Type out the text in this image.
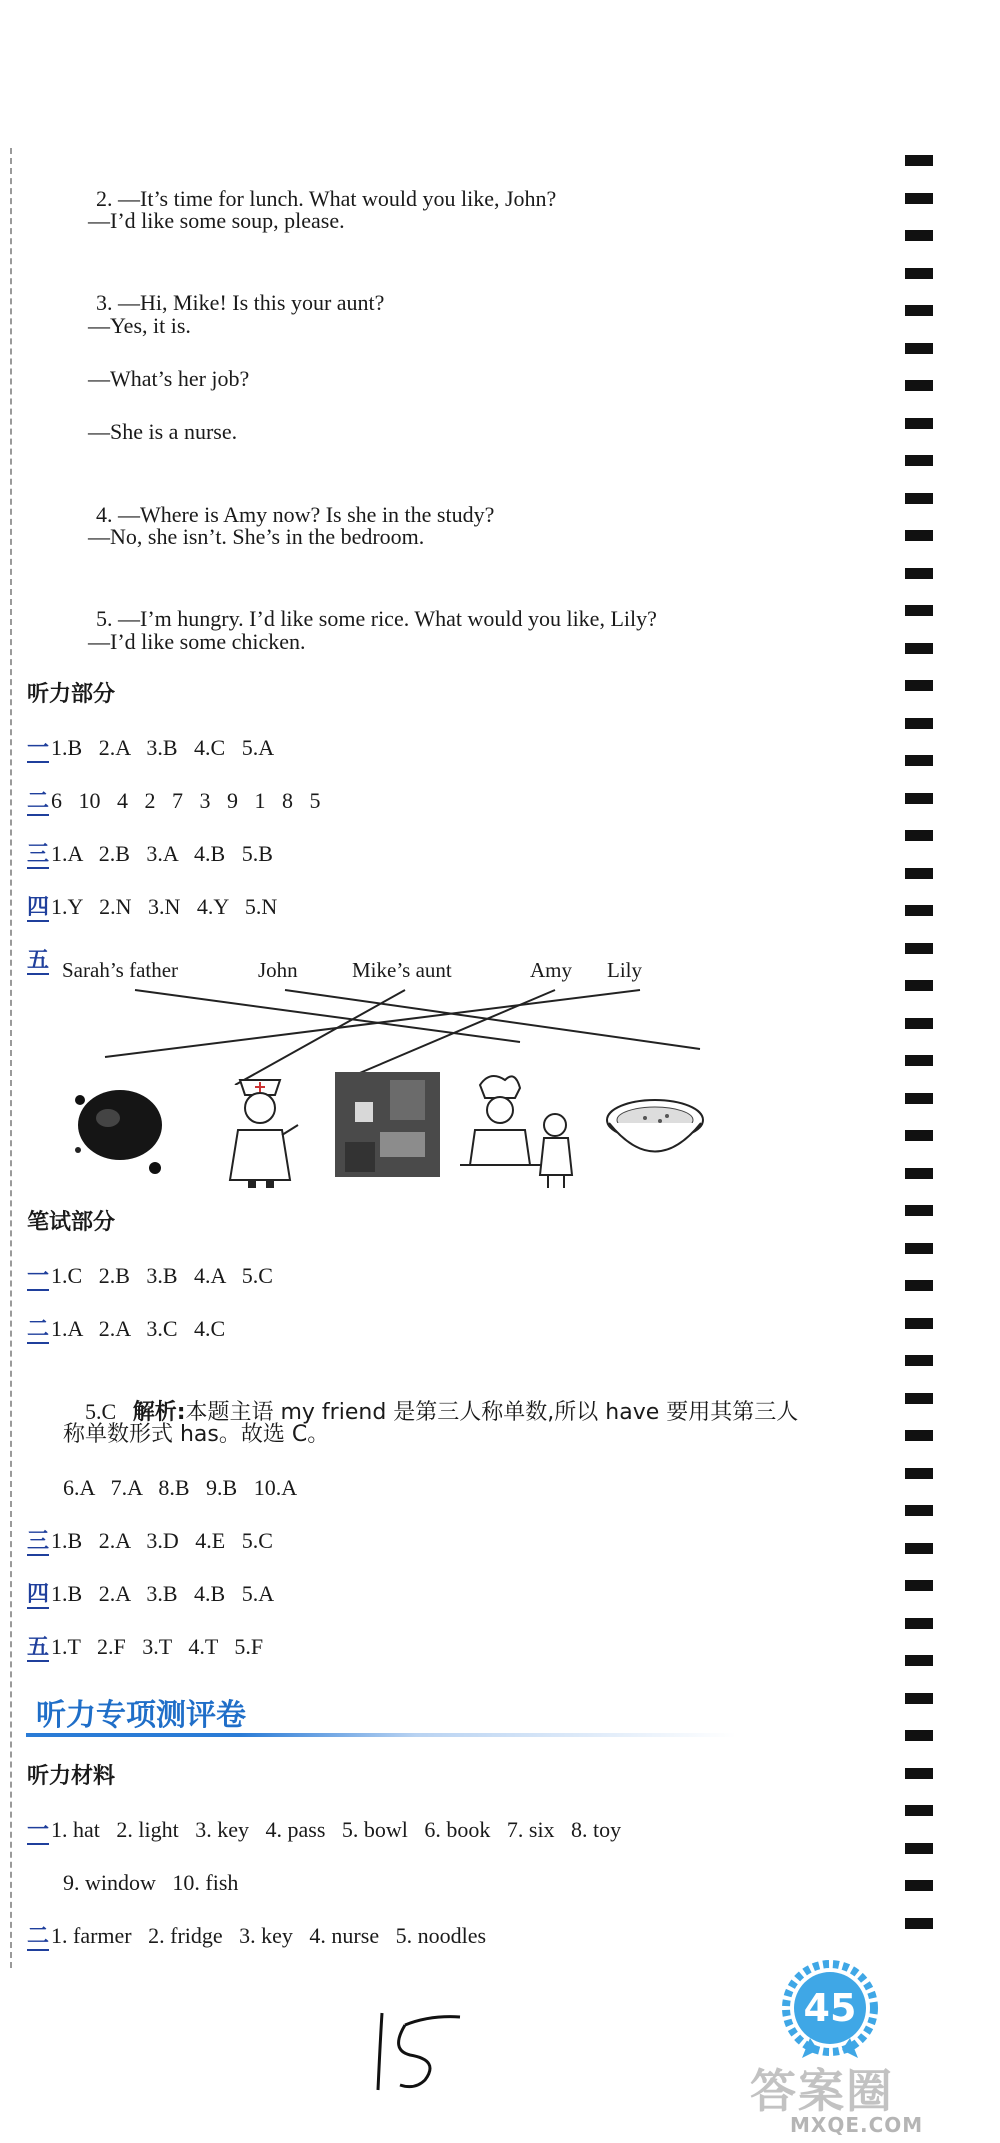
2. —It’s time for lunch. What would you like, John?

—I’d like some soup, please.

3. —Hi, Mike! Is this your aunt?

—Yes, it is.
—What’s her job?
—She is a nurse.

4. —Where is Amy now? Is she in the study?

—No, she isn’t. She’s in the bedroom.

5. —I’m hungry. I’d like some rice. What would you like, Lily?

—I’d like some chicken.
听力部分
一1.B   2.A   3.B   4.C   5.A
二6   10   4   2   7   3   9   1   8   5
三1.A   2.B   3.A   4.B   5.B
四1.Y   2.N   3.N   4.Y   5.N
五 Sarah’s father	John	Mike’s aunt	Amy Lily
笔试部分
一1.C   2.B   3.B   4.A   5.C
二1.A   2.A   3.C   4.C

5.C 解析:本题主语 my friend 是第三人称单数,所以 have 要用其第三人

称单数形式 has。故选 C。
6.A   7.A   8.B   9.B   10.A
三1.B   2.A   3.D   4.E   5.C
四1.B   2.A   3.B   4.B   5.A
五1.T   2.F   3.T   4.T   5.F
听力专项测评卷
听力材料
一1. hat   2. light   3. key   4. pass   5. bowl   6. book   7. six   8. toy
9. window   10. fish
二1. farmer   2. fridge   3. key   4. nurse   5. noodles
45
答案圈
MXQE.COM
